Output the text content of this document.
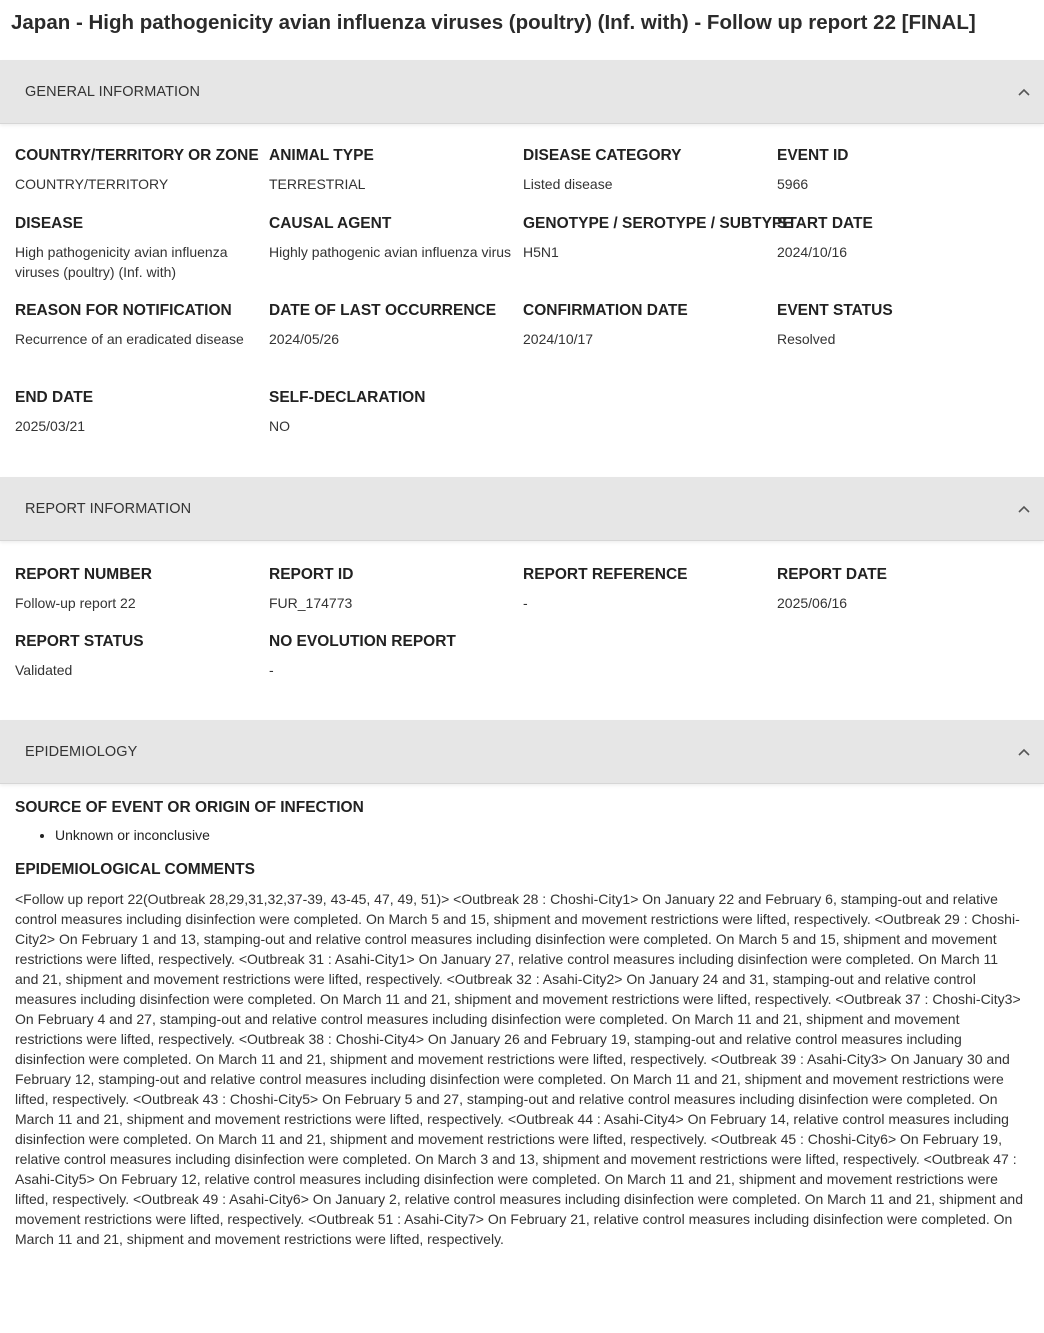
Japan - High pathogenicity avian influenza viruses (poultry) (Inf. with) - Follow up report 22 [FINAL]
GENERAL INFORMATION
COUNTRY/TERRITORY OR ZONE
COUNTRY/TERRITORY
ANIMAL TYPE
TERRESTRIAL
DISEASE CATEGORY
Listed disease
EVENT ID
5966
DISEASE
High pathogenicity avian influenza viruses (poultry) (Inf. with)
CAUSAL AGENT
Highly pathogenic avian influenza virus
GENOTYPE / SEROTYPE / SUBTYPE
H5N1
START DATE
2024/10/16
REASON FOR NOTIFICATION
Recurrence of an eradicated disease
DATE OF LAST OCCURRENCE
2024/05/26
CONFIRMATION DATE
2024/10/17
EVENT STATUS
Resolved
END DATE
2025/03/21
SELF-DECLARATION
NO
REPORT INFORMATION
REPORT NUMBER
Follow-up report 22
REPORT ID
FUR_174773
REPORT REFERENCE
-
REPORT DATE
2025/06/16
REPORT STATUS
Validated
NO EVOLUTION REPORT
-
EPIDEMIOLOGY
SOURCE OF EVENT OR ORIGIN OF INFECTION
• Unknown or inconclusive
EPIDEMIOLOGICAL COMMENTS
<Follow up report 22(Outbreak 28,29,31,32,37-39, 43-45, 47, 49, 51)> <Outbreak 28 : Choshi-City1> On January 22 and February 6, stamping-out and relative control measures including disinfection were completed. On March 5 and 15, shipment and movement restrictions were lifted, respectively. <Outbreak 29 : Choshi-City2> On February 1 and 13, stamping-out and relative control measures including disinfection were completed. On March 5 and 15, shipment and movement restrictions were lifted, respectively. <Outbreak 31 : Asahi-City1> On January 27, relative control measures including disinfection were completed. On March 11 and 21, shipment and movement restrictions were lifted, respectively. <Outbreak 32 : Asahi-City2> On January 24 and 31, stamping-out and relative control measures including disinfection were completed. On March 11 and 21, shipment and movement restrictions were lifted, respectively. <Outbreak 37 : Choshi-City3> On February 4 and 27, stamping-out and relative control measures including disinfection were completed. On March 11 and 21, shipment and movement restrictions were lifted, respectively. <Outbreak 38 : Choshi-City4> On January 26 and February 19, stamping-out and relative control measures including disinfection were completed. On March 11 and 21, shipment and movement restrictions were lifted, respectively. <Outbreak 39 : Asahi-City3> On January 30 and February 12, stamping-out and relative control measures including disinfection were completed. On March 11 and 21, shipment and movement restrictions were lifted, respectively. <Outbreak 43 : Choshi-City5> On February 5 and 27, stamping-out and relative control measures including disinfection were completed. On March 11 and 21, shipment and movement restrictions were lifted, respectively. <Outbreak 44 : Asahi-City4> On February 14, relative control measures including disinfection were completed. On March 11 and 21, shipment and movement restrictions were lifted, respectively. <Outbreak 45 : Choshi-City6> On February 19, relative control measures including disinfection were completed. On March 3 and 13, shipment and movement restrictions were lifted, respectively. <Outbreak 47 : Asahi-City5> On February 12, relative control measures including disinfection were completed. On March 11 and 21, shipment and movement restrictions were lifted, respectively. <Outbreak 49 : Asahi-City6> On January 2, relative control measures including disinfection were completed. On March 11 and 21, shipment and movement restrictions were lifted, respectively. <Outbreak 51 : Asahi-City7> On February 21, relative control measures including disinfection were completed. On March 11 and 21, shipment and movement restrictions were lifted, respectively.
